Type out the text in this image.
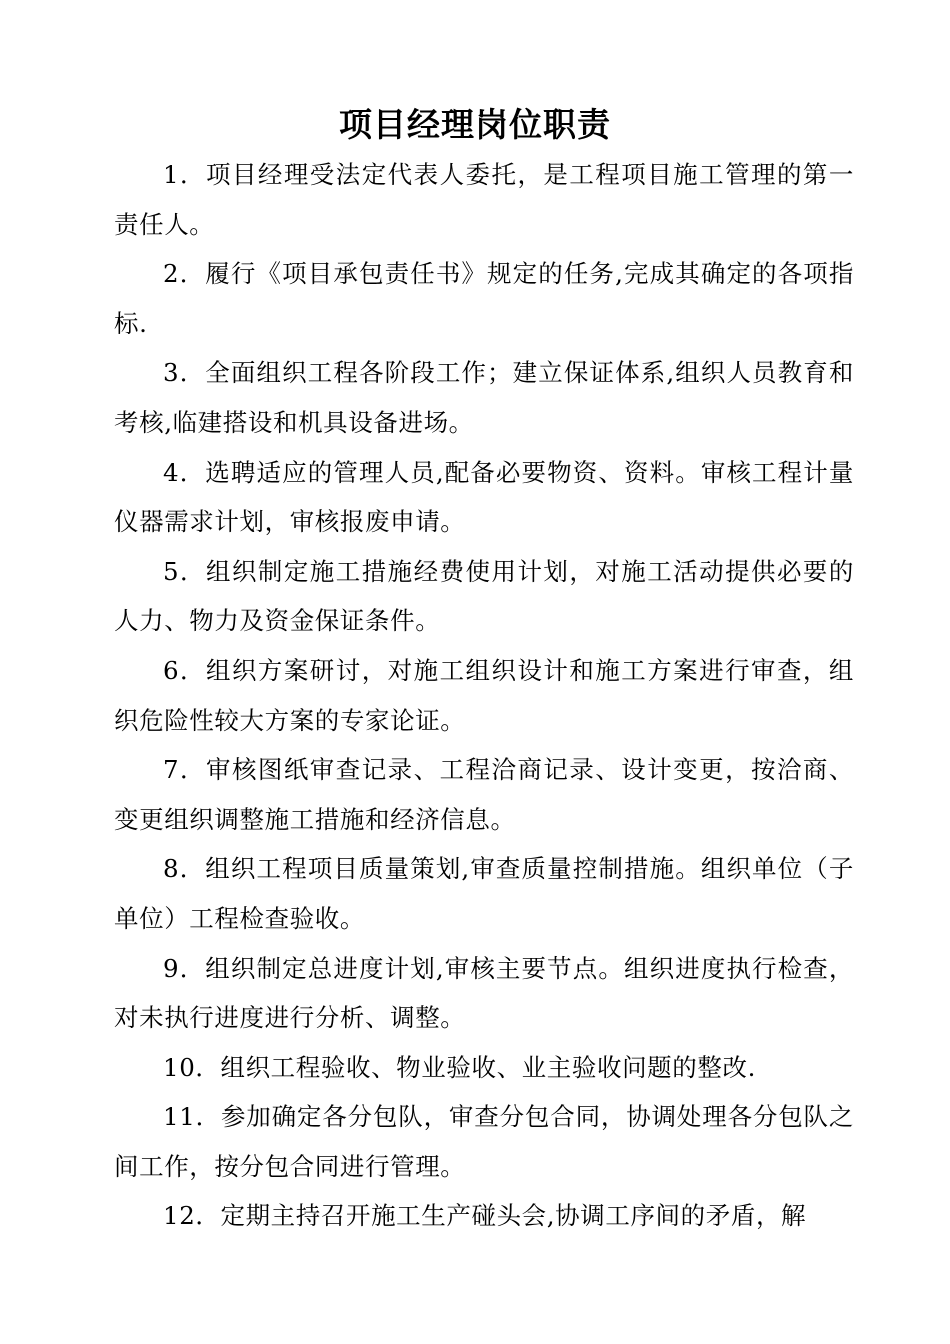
项目经理岗位职责

1．项目经理受法定代表人委托，是工程项目施工管理的第一责任人。

2．履行《项目承包责任书》规定的任务,完成其确定的各项指标.

3．全面组织工程各阶段工作；建立保证体系,组织人员教育和考核,临建搭设和机具设备进场。

4．选聘适应的管理人员,配备必要物资、资料。审核工程计量仪器需求计划，审核报废申请。

5．组织制定施工措施经费使用计划，对施工活动提供必要的人力、物力及资金保证条件。

6．组织方案研讨，对施工组织设计和施工方案进行审查，组织危险性较大方案的专家论证。

7．审核图纸审查记录、工程洽商记录、设计变更，按洽商、变更组织调整施工措施和经济信息。

8．组织工程项目质量策划,审查质量控制措施。组织单位（子单位）工程检查验收。

9．组织制定总进度计划,审核主要节点。组织进度执行检查，对未执行进度进行分析、调整。

10．组织工程验收、物业验收、业主验收问题的整改.

11．参加确定各分包队，审查分包合同，协调处理各分包队之间工作，按分包合同进行管理。

12．定期主持召开施工生产碰头会,协调工序间的矛盾，解
